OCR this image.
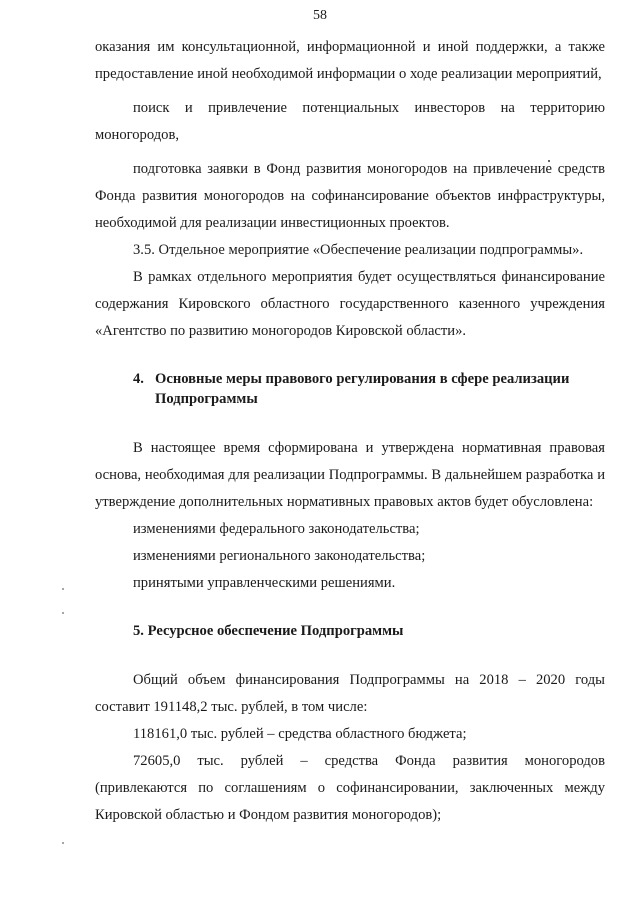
58

оказания им консультационной, информационной и иной поддержки, а также предоставление иной необходимой информации о ходе реализации мероприятий,

поиск и привлечение потенциальных инвесторов на территорию моногородов,

подготовка заявки в Фонд развития моногородов на привлечение средств Фонда развития моногородов на софинансирование объектов инфраструктуры, необходимой для реализации инвестиционных проектов.

3.5. Отдельное мероприятие «Обеспечение реализации подпрограммы».

В рамках отдельного мероприятия будет осуществляться финансирование содержания Кировского областного государственного казенного учреждения «Агентство по развитию моногородов Кировской области».

4. Основные меры правового регулирования в сфере реализации
Подпрограммы

В настоящее время сформирована и утверждена нормативная правовая основа, необходимая для реализации Подпрограммы. В дальнейшем разработка и утверждение дополнительных нормативных правовых актов будет обусловлена:

изменениями федерального законодательства;

изменениями регионального законодательства;

принятыми управленческими решениями.

5. Ресурсное обеспечение Подпрограммы

Общий объем финансирования Подпрограммы на 2018 – 2020 годы составит 191148,2 тыс. рублей, в том числе:

118161,0 тыс. рублей – средства областного бюджета;

72605,0 тыс. рублей – средства Фонда развития моногородов (привлекаются по соглашениям о софинансировании, заключенных между Кировской областью и Фондом развития моногородов);
